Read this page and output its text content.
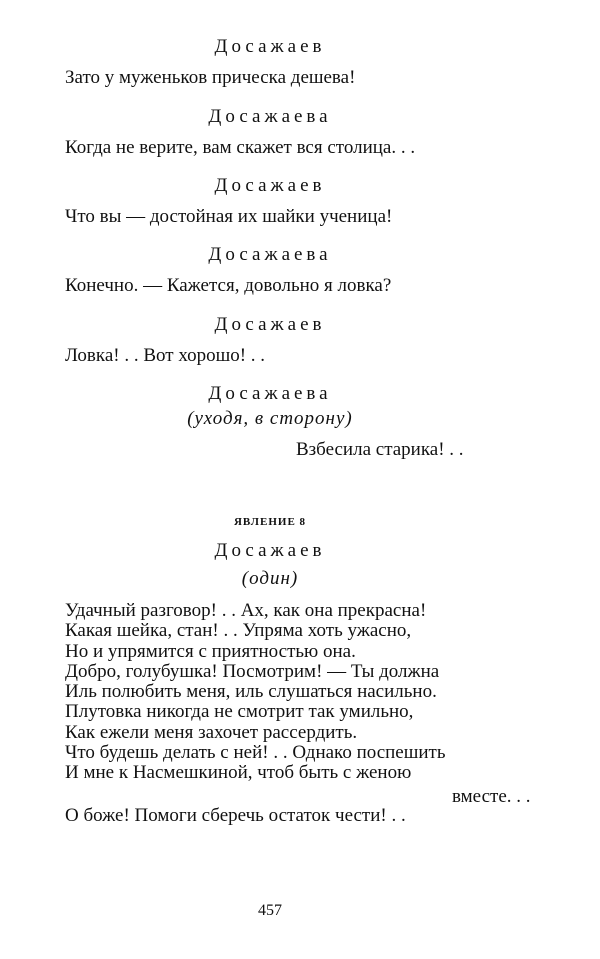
Досажаев
Зато у муженьков прическа дешева!
Досажаева
Когда не верите, вам скажет вся столица. . .
Досажаев
Что вы — достойная их шайки ученица!
Досажаева
Конечно. — Кажется, довольно я ловка?
Досажаев
Ловка! . . Вот хорошо! . .
Досажаева
(уходя, в сторону)
Взбесила старика! . .
ЯВЛЕНИЕ 8
Досажаев
(один)
Удачный разговор! . . Ах, как она прекрасна!
Какая шейка, стан! . . Упряма хоть ужасно,
Но и упрямится с приятностью она.
Добро, голубушка! Посмотрим! — Ты должна
Иль полюбить меня, иль слушаться насильно.
Плутовка никогда не смотрит так умильно,
Как ежели меня захочет рассердить.
Что будешь делать с ней! . . Однако поспешить
И мне к Насмешкиной, чтоб быть с женою
вместе. . .
О боже! Помоги сберечь остаток чести! . .
457
